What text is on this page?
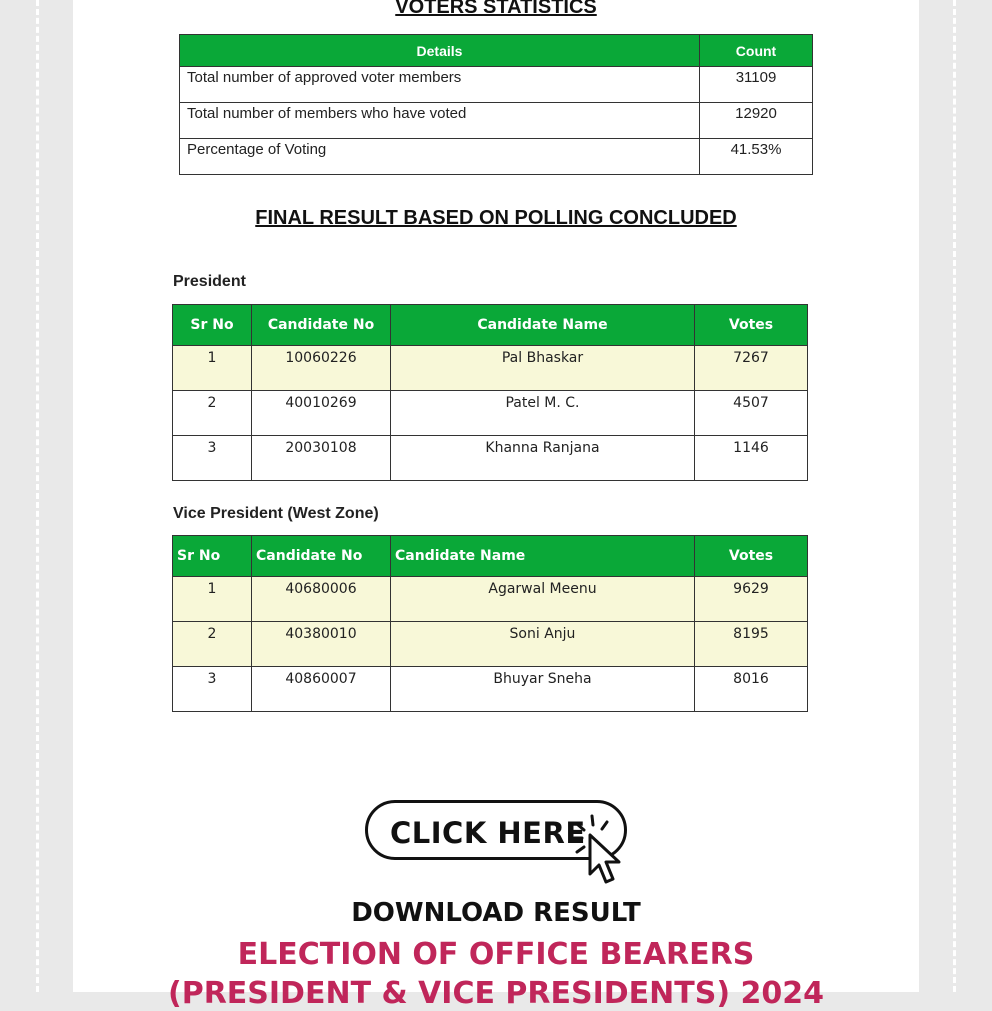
VOTERS STATISTICS
Details	Count
Total number of approved voter members	31109
Total number of members who have voted	12920
Percentage of Voting	41.53%
FINAL RESULT BASED ON POLLING CONCLUDED
President
Sr No	Candidate No	Candidate Name	Votes
1	10060226	Pal Bhaskar	7267
2	40010269	Patel M. C.	4507
3	20030108	Khanna Ranjana	1146
Vice President (West Zone)
Sr No	Candidate No	Candidate Name	Votes
1	40680006	Agarwal Meenu	9629
2	40380010	Soni Anju	8195
3	40860007	Bhuyar Sneha	8016
CLICK HERE
DOWNLOAD RESULT
ELECTION OF OFFICE BEARERS
(PRESIDENT & VICE PRESIDENTS) 2024
